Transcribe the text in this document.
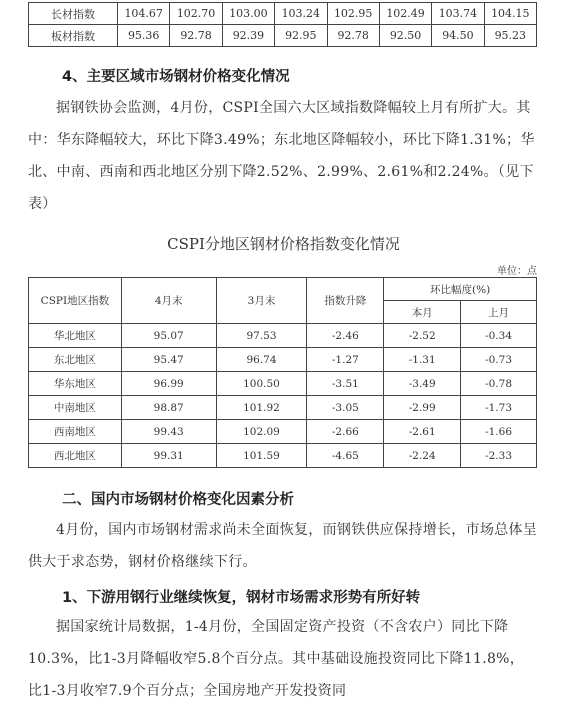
长材指数	104.67	102.70	103.00	103.24	102.95	102.49	103.74	104.15
板材指数	95.36	92.78	92.39	92.95	92.78	92.50	94.50	95.23
4、主要区域市场钢材价格变化情况

据钢铁协会监测，4月份，CSPI全国六大区域指数降幅较上月有所扩大。其中：华东降幅较大，环比下降3.49%；东北地区降幅较小，环比下降1.31%；华北、中南、西南和西北地区分别下降2.52%、2.99%、2.61%和2.24%。（见下表）

CSPI分地区钢材价格指数变化情况
单位：点
CSPI地区指数	4月末	3月末	指数升降	环比幅度(%)	
				本月	上月
华北地区	95.07	97.53	-2.46	-2.52	-0.34
东北地区	95.47	96.74	-1.27	-1.31	-0.73
华东地区	96.99	100.50	-3.51	-3.49	-0.78
中南地区	98.87	101.92	-3.05	-2.99	-1.73
西南地区	99.43	102.09	-2.66	-2.61	-1.66
西北地区	99.31	101.59	-4.65	-2.24	-2.33
二、国内市场钢材价格变化因素分析

4月份，国内市场钢材需求尚未全面恢复，而钢铁供应保持增长，市场总体呈供大于求态势，钢材价格继续下行。

1、下游用钢行业继续恢复，钢材市场需求形势有所好转

据国家统计局数据，1-4月份，全国固定资产投资（不含农户）同比下降10.3%，比1-3月降幅收窄5.8个百分点。其中基础设施投资同比下降11.8%，比1-3月收窄7.9个百分点；全国房地产开发投资同
